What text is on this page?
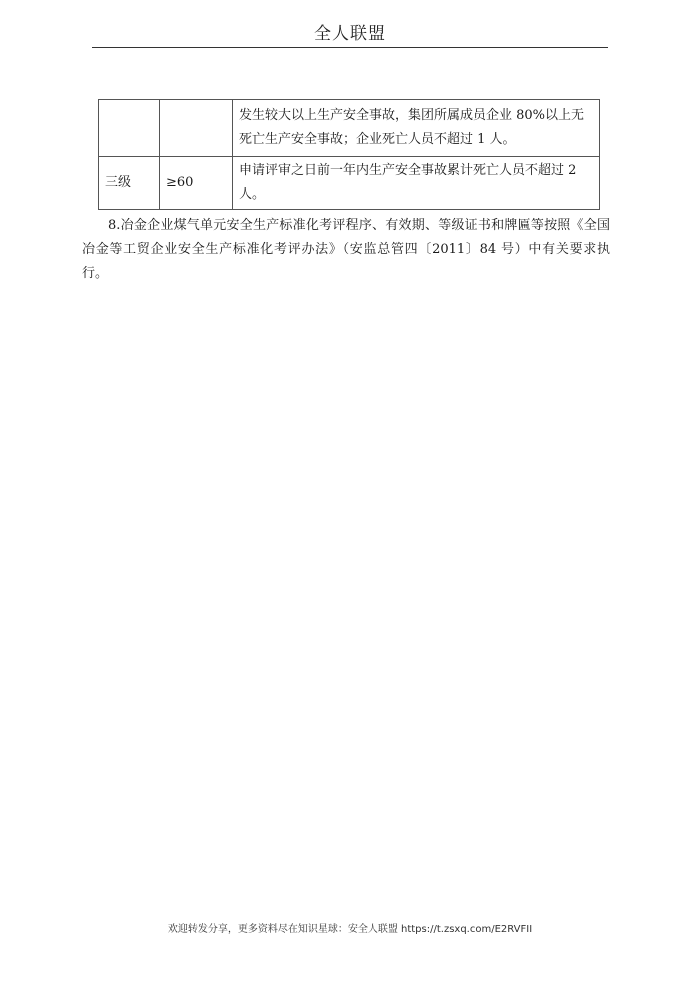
全人联盟
		发生较大以上生产安全事故，集团所属成员企业 80%以上无死亡生产安全事故；企业死亡人员不超过 1 人。
三级	≥60	申请评审之日前一年内生产安全事故累计死亡人员不超过 2 人。
8.冶金企业煤气单元安全生产标准化考评程序、有效期、等级证书和牌匾等按照《全国冶金等工贸企业安全生产标准化考评办法》（安监总管四〔2011〕84 号）中有关要求执行。
欢迎转发分享，更多资料尽在知识星球：安全人联盟 https://t.zsxq.com/E2RVFII
